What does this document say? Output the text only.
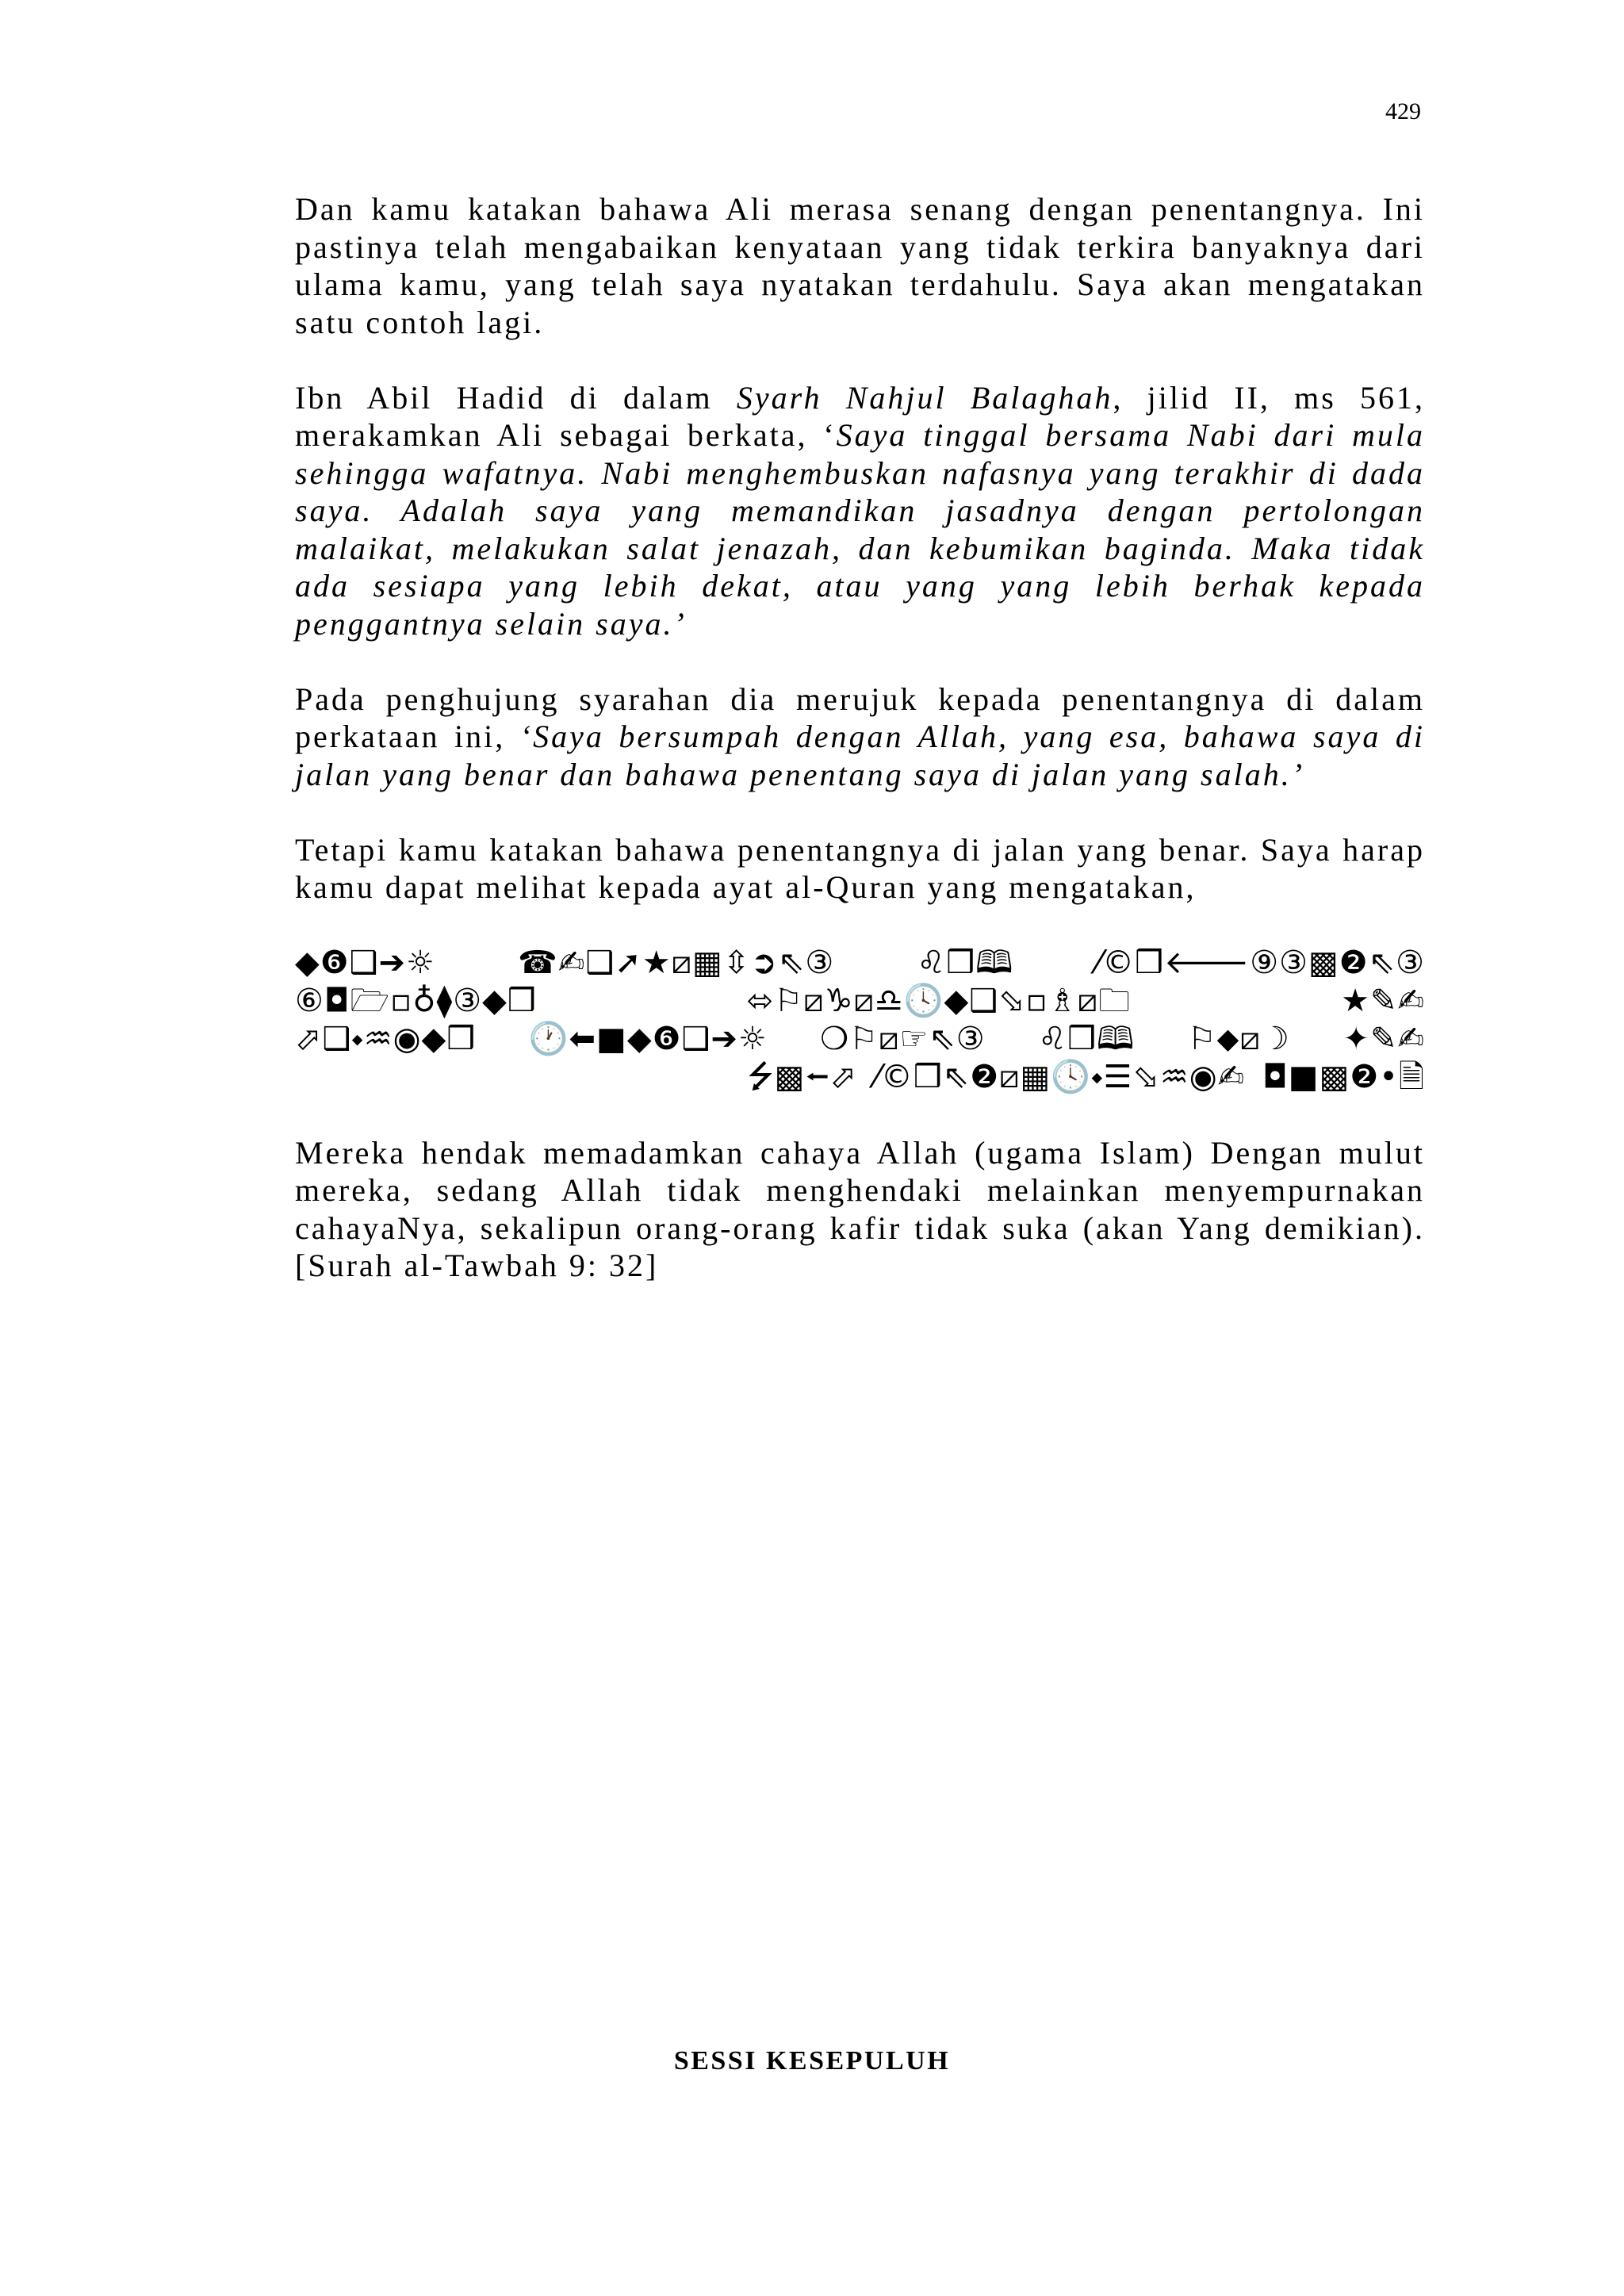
429

Dan kamu katakan bahawa Ali merasa senang dengan penentangnya. Ini pastinya telah mengabaikan kenyataan yang tidak terkira banyaknya dari ulama kamu, yang telah saya nyatakan terdahulu. Saya akan mengatakan satu contoh lagi.

Ibn Abil Hadid di dalam Syarh Nahjul Balaghah, jilid II, ms 561, merakamkan Ali sebagai berkata, ‘Saya tinggal bersama Nabi dari mula sehingga wafatnya. Nabi menghembuskan nafasnya yang terakhir di dada saya. Adalah saya yang memandikan jasadnya dengan pertolongan malaikat, melakukan salat jenazah, dan kebumikan baginda. Maka tidak ada sesiapa yang lebih dekat, atau yang yang lebih berhak kepada penggantnya selain saya.’

Pada penghujung syarahan dia merujuk kepada penentangnya di dalam perkataan ini, ‘Saya bersumpah dengan Allah, yang esa, bahawa saya di jalan yang benar dan bahawa penentang saya di jalan yang salah.’

Tetapi kamu katakan bahawa penentangnya di jalan yang benar. Saya harap kamu dapat melihat kepada ayat al-Quran yang mengatakan,

◆❻❑➔☼	☎✍❑➚★⧄▦⇳➲⇖③	♌❒🕮	⁄©❒🡐⑨③▩❷⇖③
⑥◘🗁▫♁⧫③◆❒	⬄⚐⧄♑⧄♎🕓◆❑⬂▫♗⧄🗀	★✎✍
⬀❑⬩♒◉◆❒ 🕐⬅■◆❻❑➔☼ ❍⚐⧄☞⇖③ ♌❒🕮 ⚐⬥⧄☽ ✦✎✍
⭍▩⭠⬀ ⁄©❒⇖❷⧄▦🕓⬩☰⬂♒◉✍ ◘■▩❷•🗎

Mereka hendak memadamkan cahaya Allah (ugama Islam) Dengan mulut mereka, sedang Allah tidak menghendaki melainkan menyempurnakan cahayaNya, sekalipun orang-orang kafir tidak suka (akan Yang demikian). [Surah al-Tawbah 9: 32]

SESSI KESEPULUH
